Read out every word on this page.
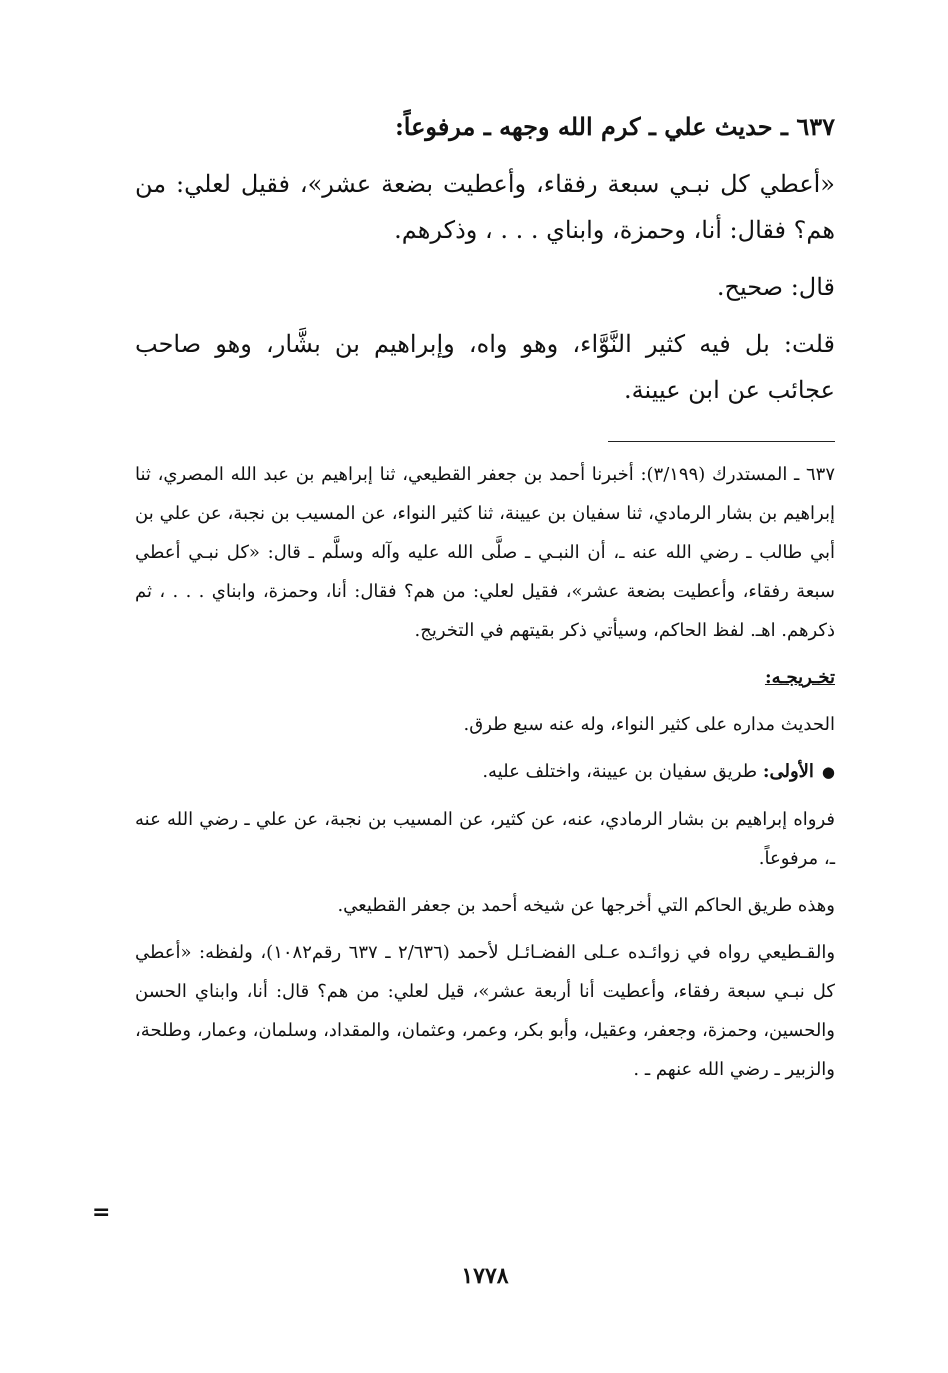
٦٣٧ ـ حديث علي ـ كرم الله وجهه ـ مرفوعاً:

«أعطي كل نبـي سبعة رفقاء، وأعطيت بضعة عشر»، فقيل لعلي: من هم؟ فقال: أنا، وحمزة، وابناي . . . ، وذكرهم.

قال: صحيح.

قلت: بل فيه كثير النَّوَّاء، وهو واه، وإبراهيم بن بشَّار، وهو صاحب عجائب عن ابن عيينة.

٦٣٧ ـ المستدرك (٣/١٩٩): أخبرنا أحمد بن جعفر القطيعي، ثنا إبراهيم بن عبد الله المصري، ثنا إبراهيم بن بشار الرمادي، ثنا سفيان بن عيينة، ثنا كثير النواء، عن المسيب بن نجبة، عن علي بن أبي طالب ـ رضي الله عنه ـ، أن النبـي ـ صلَّى الله عليه وآله وسلَّم ـ قال: «كل نبـي أعطي سبعة رفقاء، وأعطيت بضعة عشر»، فقيل لعلي: من هم؟ فقال: أنا، وحمزة، وابناي . . . ، ثم ذكرهم. اهـ. لفظ الحاكم، وسيأتي ذكر بقيتهم في التخريج.

تخـريجـه:

الحديث مداره على كثير النواء، وله عنه سبع طرق.

●الأولى: طريق سفيان بن عيينة، واختلف عليه.

فرواه إبراهيم بن بشار الرمادي، عنه، عن كثير، عن المسيب بن نجبة، عن علي ـ رضي الله عنه ـ، مرفوعاً.

وهذه طريق الحاكم التي أخرجها عن شيخه أحمد بن جعفر القطيعي.

والقـطيعي رواه في زوائـده عـلى الفضـائـل لأحمد (٢/٦٣٦ ـ ٦٣٧ رقم١٠٨٢)، ولفظه: «أعطي كل نبـي سبعة رفقاء، وأعطيت أنا أربعة عشر»، قيل لعلي: من هم؟ قال: أنا، وابناي الحسن والحسين، وحمزة، وجعفر، وعقيل، وأبو بكر، وعمر، وعثمان، والمقداد، وسلمان، وعمار، وطلحة، والزبير ـ رضي الله عنهم ـ .

١٧٧٨
=
